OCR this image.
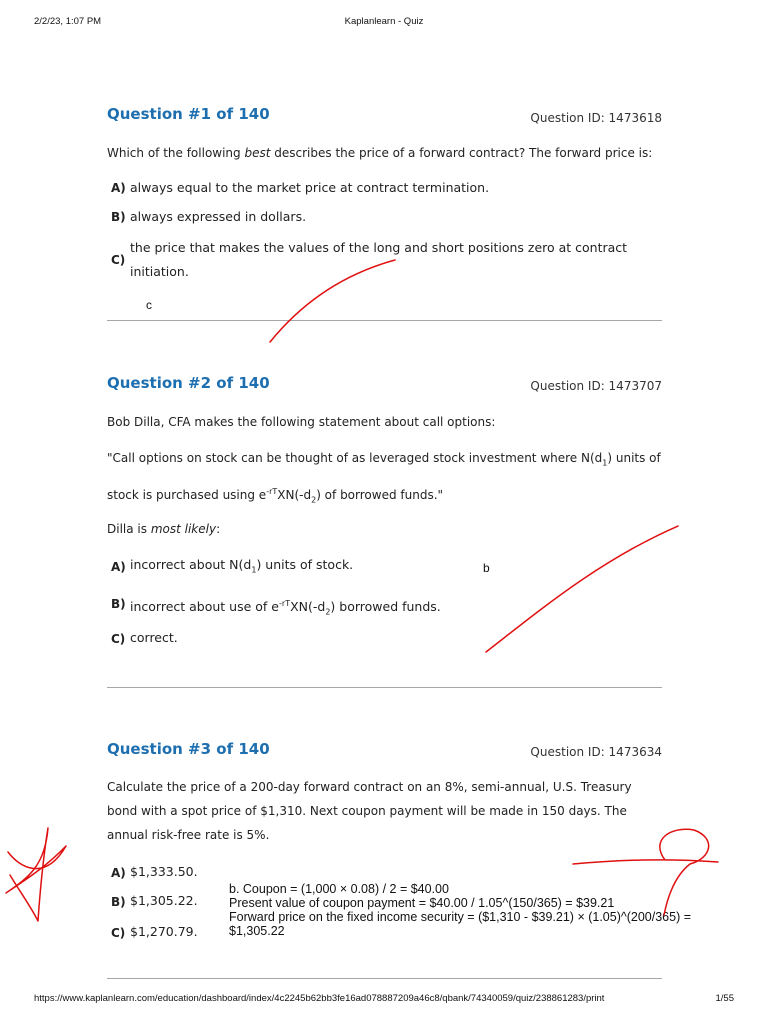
2/2/23, 1:07 PM	Kaplanlearn - Quiz
Question #1 of 140	Question ID: 1473618
Which of the following best describes the price of a forward contract? The forward price is:
A) always equal to the market price at contract termination.
B) always expressed in dollars.
C)
the price that makes the values of the long and short positions zero at contract initiation.
c
Question #2 of 140	Question ID: 1473707
Bob Dilla, CFA makes the following statement about call options:
"Call options on stock can be thought of as leveraged stock investment where $N(d_1)$ units of
stock is purchased using $e^{-rT}XN(-d_2)$ of borrowed funds."
Dilla is most likely:
A) incorrect about $N(d_1)$ units of stock.
B) incorrect about use of $e^{-rT}XN(-d_2)$ borrowed funds.
C) correct.
b
Question #3 of 140	Question ID: 1473634
Calculate the price of a 200-day forward contract on an 8%, semi-annual, U.S. Treasury bond with a spot price of $1,310. Next coupon payment will be made in 150 days. The annual risk-free rate is 5%.
A) $1,333.50.
B) $1,305.22.
C) $1,270.79.
b. Coupon = (1,000 × 0.08) / 2 = $40.00
Present value of coupon payment = $40.00 / 1.05^(150/365) = $39.21
Forward price on the fixed income security = ($1,310 - $39.21) × (1.05)^(200/365) =
$1,305.22
https://www.kaplanlearn.com/education/dashboard/index/4c2245b62bb3fe16ad078887209a46c8/qbank/74340059/quiz/238861283/print	1/55
